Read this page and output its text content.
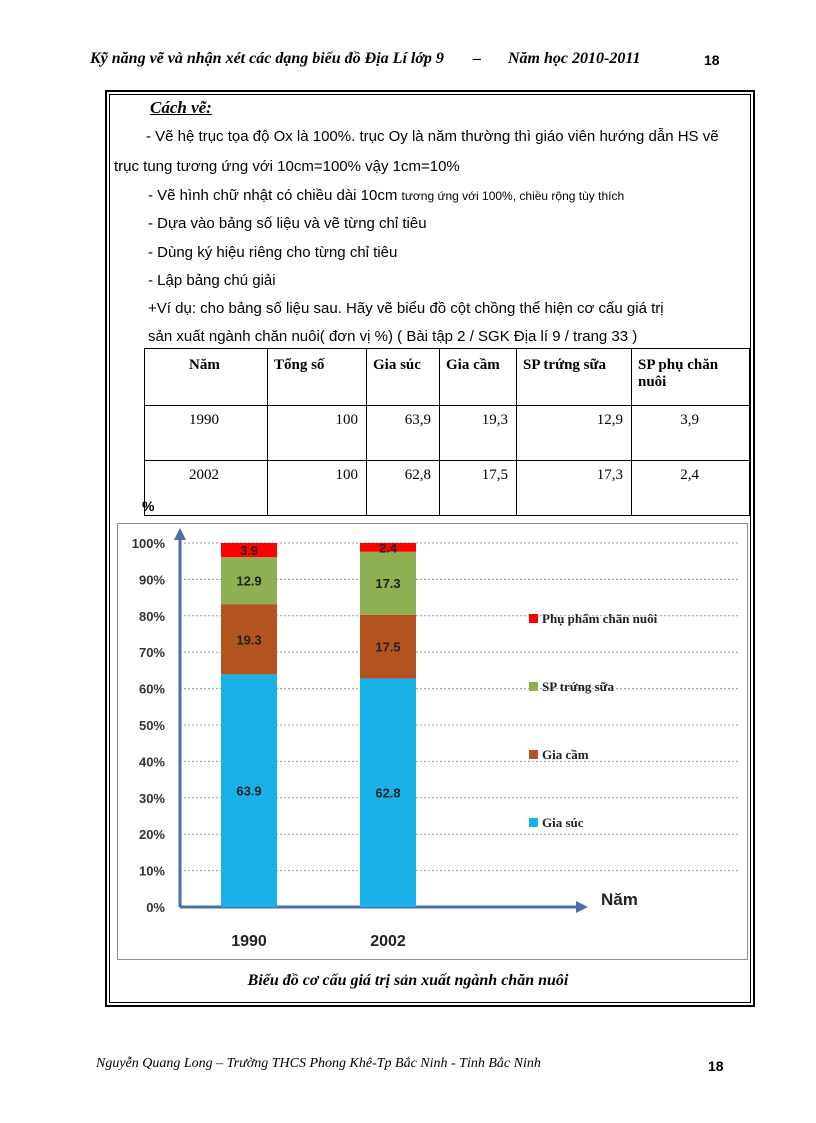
Kỹ năng vẽ và nhận xét các dạng biểu đồ Địa Lí lớp 9 – Năm học 2010-2011	18
Cách vẽ:
- Vẽ hệ trục tọa độ Ox là 100%. trục Oy là năm thường thì giáo viên hướng dẫn HS vẽ
trục tung tương ứng với 10cm=100% vậy 1cm=10%
- Vẽ hình chữ nhật có chiều dài 10cm tương ứng với 100%, chiều rộng tùy thích
- Dựa vào bảng số liệu và vẽ từng chỉ tiêu
- Dùng ký hiệu riêng cho từng chỉ tiêu
- Lập bảng chú giải
+Ví dụ: cho bảng số liệu sau. Hãy vẽ biểu đồ cột chồng thể hiện cơ cấu giá trị
sản xuất ngành chăn nuôi( đơn vị %) ( Bài tập 2 / SGK Địa lí 9 / trang 33 )
Năm	Tổng số	Gia súc	Gia cầm	SP trứng sữa	SP phụ chăn nuôi
1990	100	63,9	19,3	12,9	3,9
2002	100	62,8	17,5	17,3	2,4
%
0%
10%
20%
30%
40%
50%
60%
70%
80%
90%
100%
Năm
63.9
19.3
12.9
3.9
1990
62.8
17.5
17.3
2.4
2002
Phụ phẩm chăn nuôi
SP trứng sữa
Gia cầm
Gia súc
Biểu đồ cơ cấu giá trị sản xuất ngành chăn nuôi
Nguyễn Quang Long – Trường THCS Phong Khê-Tp Bắc Ninh - Tỉnh Bắc Ninh	18
